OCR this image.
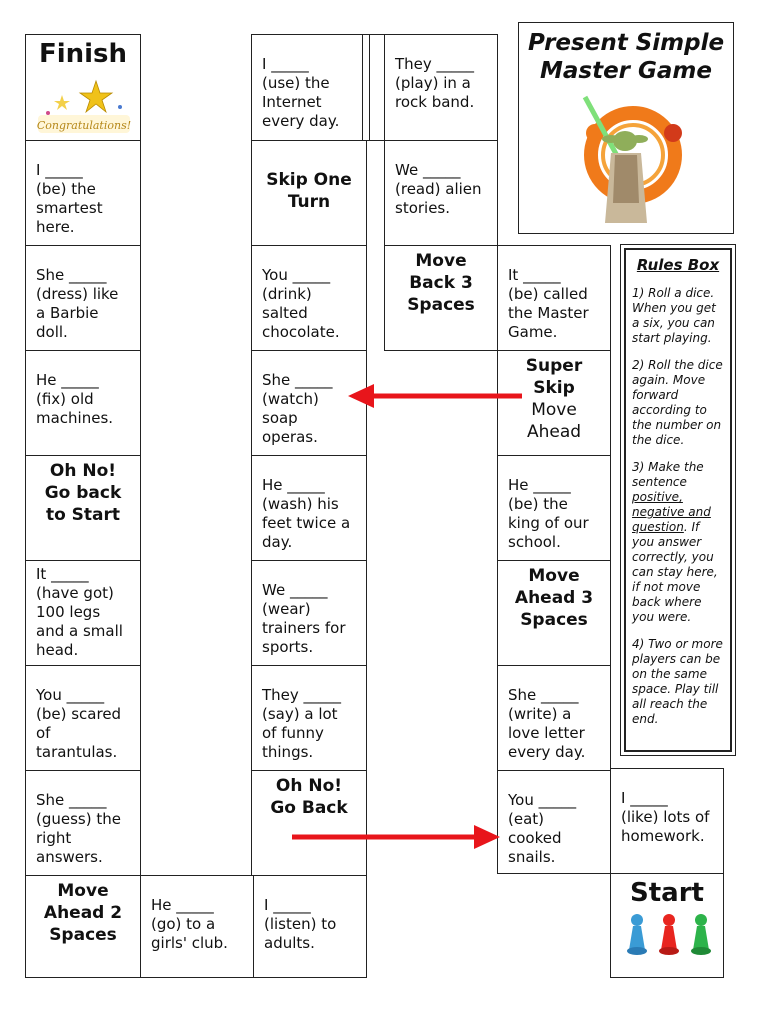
Present Simple
Master Game
Finish
Congratulations!
I _____
(be) the
smartest
here.
She _____
(dress) like
a Barbie
doll.
He _____
(fix) old
machines.
Oh No!
Go back
to Start
It _____
(have got)
100 legs
and a small
head.
You _____
(be) scared
of
tarantulas.
She _____
(guess) the
right
answers.
Move
Ahead 2
Spaces
He _____
(go) to a
girls' club.
I _____
(listen) to
adults.
Oh No!
Go Back
They _____
(say) a lot
of funny
things.
We _____
(wear)
trainers for
sports.
He _____
(wash) his
feet twice a
day.
She _____
(watch)
soap
operas.
You _____
(drink)
salted
chocolate.
Skip One
Turn
I _____
(use) the
Internet
every day.
They _____
(play) in a
rock band.
We _____
(read) alien
stories.
Move
Back 3
Spaces
It _____
(be) called
the Master
Game.
Super
Skip
Move
Ahead
He _____
(be) the
king of our
school.
Move
Ahead 3
Spaces
She _____
(write) a
love letter
every day.
You _____
(eat)
cooked
snails.
I _____
(like) lots of
homework.
Start
Rules Box
1) Roll a dice. When you get a six, you can start playing.
2) Roll the dice again. Move forward according to the number on the dice.
3) Make the sentence positive, negative and question. If you answer correctly, you can stay here, if not move back where you were.
4) Two or more players can be on the same space. Play till all reach the end.
